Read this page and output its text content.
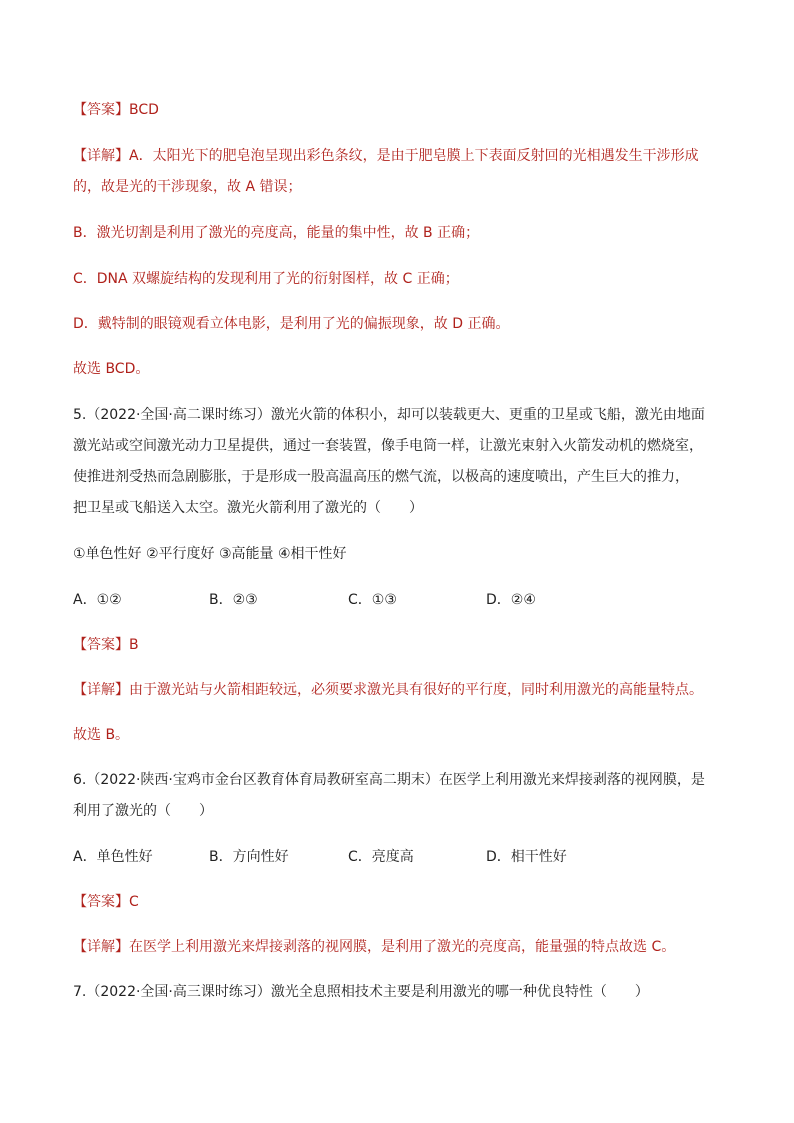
【答案】BCD
【详解】A．太阳光下的肥皂泡呈现出彩色条纹，是由于肥皂膜上下表面反射回的光相遇发生干涉形成
的，故是光的干涉现象，故 A 错误；
B．激光切割是利用了激光的亮度高，能量的集中性，故 B 正确；
C．DNA 双螺旋结构的发现利用了光的衍射图样，故 C 正确；
D．戴特制的眼镜观看立体电影，是利用了光的偏振现象，故 D 正确。
故选 BCD。
5.（2022·全国·高二课时练习）激光火箭的体积小，却可以装载更大、更重的卫星或飞船，激光由地面
激光站或空间激光动力卫星提供，通过一套装置，像手电筒一样，让激光束射入火箭发动机的燃烧室，
使推进剂受热而急剧膨胀，于是形成一股高温高压的燃气流，以极高的速度喷出，产生巨大的推力，
把卫星或飞船送入太空。激光火箭利用了激光的（　　）
①单色性好 ②平行度好 ③高能量 ④相干性好
A．①②	B．②③	C．①③	D．②④
【答案】B
【详解】由于激光站与火箭相距较远，必须要求激光具有很好的平行度，同时利用激光的高能量特点。
故选 B。
6.（2022·陕西·宝鸡市金台区教育体育局教研室高二期末）在医学上利用激光来焊接剥落的视网膜，是
利用了激光的（　　）
A．单色性好	B．方向性好	C．亮度高	D．相干性好
【答案】C
【详解】在医学上利用激光来焊接剥落的视网膜，是利用了激光的亮度高，能量强的特点故选 C。
7.（2022·全国·高三课时练习）激光全息照相技术主要是利用激光的哪一种优良特性（　　）
